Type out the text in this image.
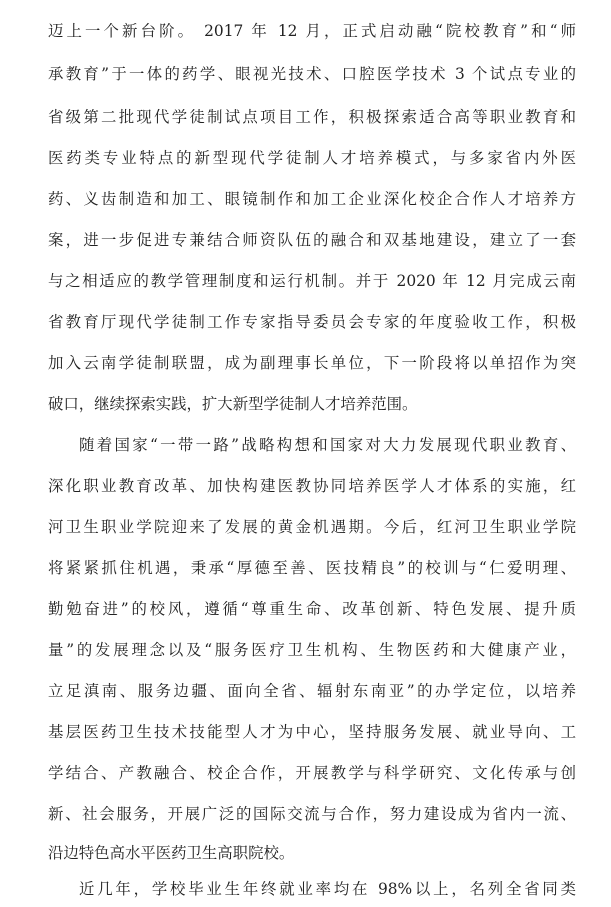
迈上一个新台阶。 2017 年 12 月，正式启动融“院校教育”和“师
承教育”于一体的药学、眼视光技术、口腔医学技术 3 个试点专业的
省级第二批现代学徒制试点项目工作，积极探索适合高等职业教育和
医药类专业特点的新型现代学徒制人才培养模式，与多家省内外医
药、义齿制造和加工、眼镜制作和加工企业深化校企合作人才培养方
案，进一步促进专兼结合师资队伍的融合和双基地建设，建立了一套
与之相适应的教学管理制度和运行机制。并于 2020 年 12 月完成云南
省教育厅现代学徒制工作专家指导委员会专家的年度验收工作，积极
加入云南学徒制联盟，成为副理事长单位，下一阶段将以单招作为突
破口，继续探索实践，扩大新型学徒制人才培养范围。
随着国家“一带一路”战略构想和国家对大力发展现代职业教育、
深化职业教育改革、加快构建医教协同培养医学人才体系的实施，红
河卫生职业学院迎来了发展的黄金机遇期。今后，红河卫生职业学院
将紧紧抓住机遇，秉承“厚德至善、医技精良”的校训与“仁爱明理、
勤勉奋进”的校风，遵循“尊重生命、改革创新、特色发展、提升质
量”的发展理念以及“服务医疗卫生机构、生物医药和大健康产业，
立足滇南、服务边疆、面向全省、辐射东南亚”的办学定位，以培养
基层医药卫生技术技能型人才为中心，坚持服务发展、就业导向、工
学结合、产教融合、校企合作，开展教学与科学研究、文化传承与创
新、社会服务，开展广泛的国际交流与合作，努力建设成为省内一流、
沿边特色高水平医药卫生高职院校。
近几年，学校毕业生年终就业率均在 98%以上，名列全省同类
